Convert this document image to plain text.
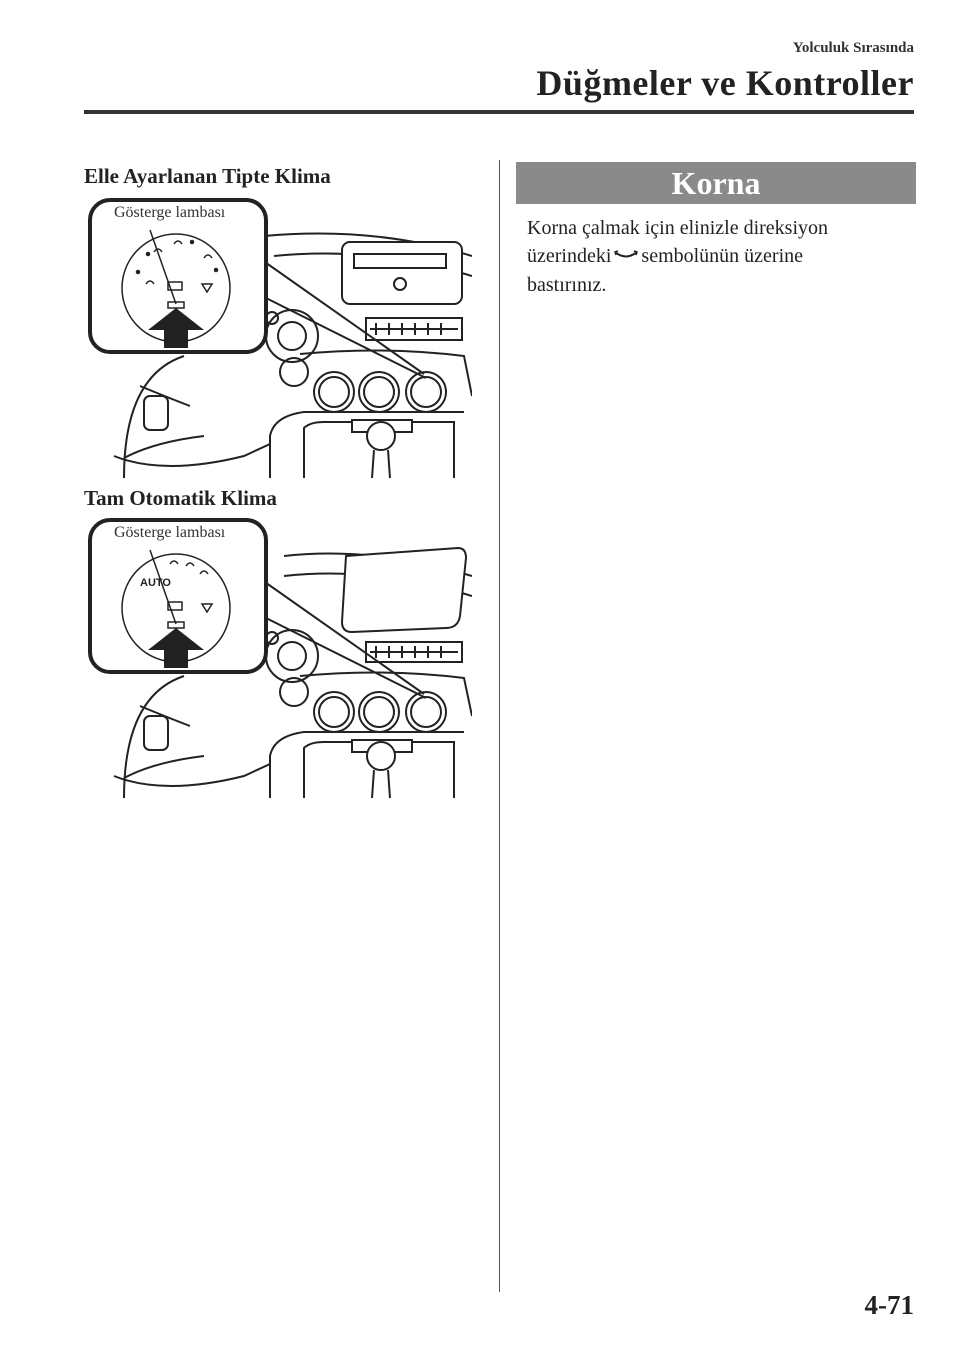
Yolculuk Sırasında
Düğmeler ve Kontroller
Elle Ayarlanan Tipte Klima
Gösterge lambası
Tam Otomatik Klima
AUTO
Gösterge lambası
Korna

Korna çalmak için elinizle direksiyon

üzerindeki sembolünün üzerine

bastırınız.

4-71
